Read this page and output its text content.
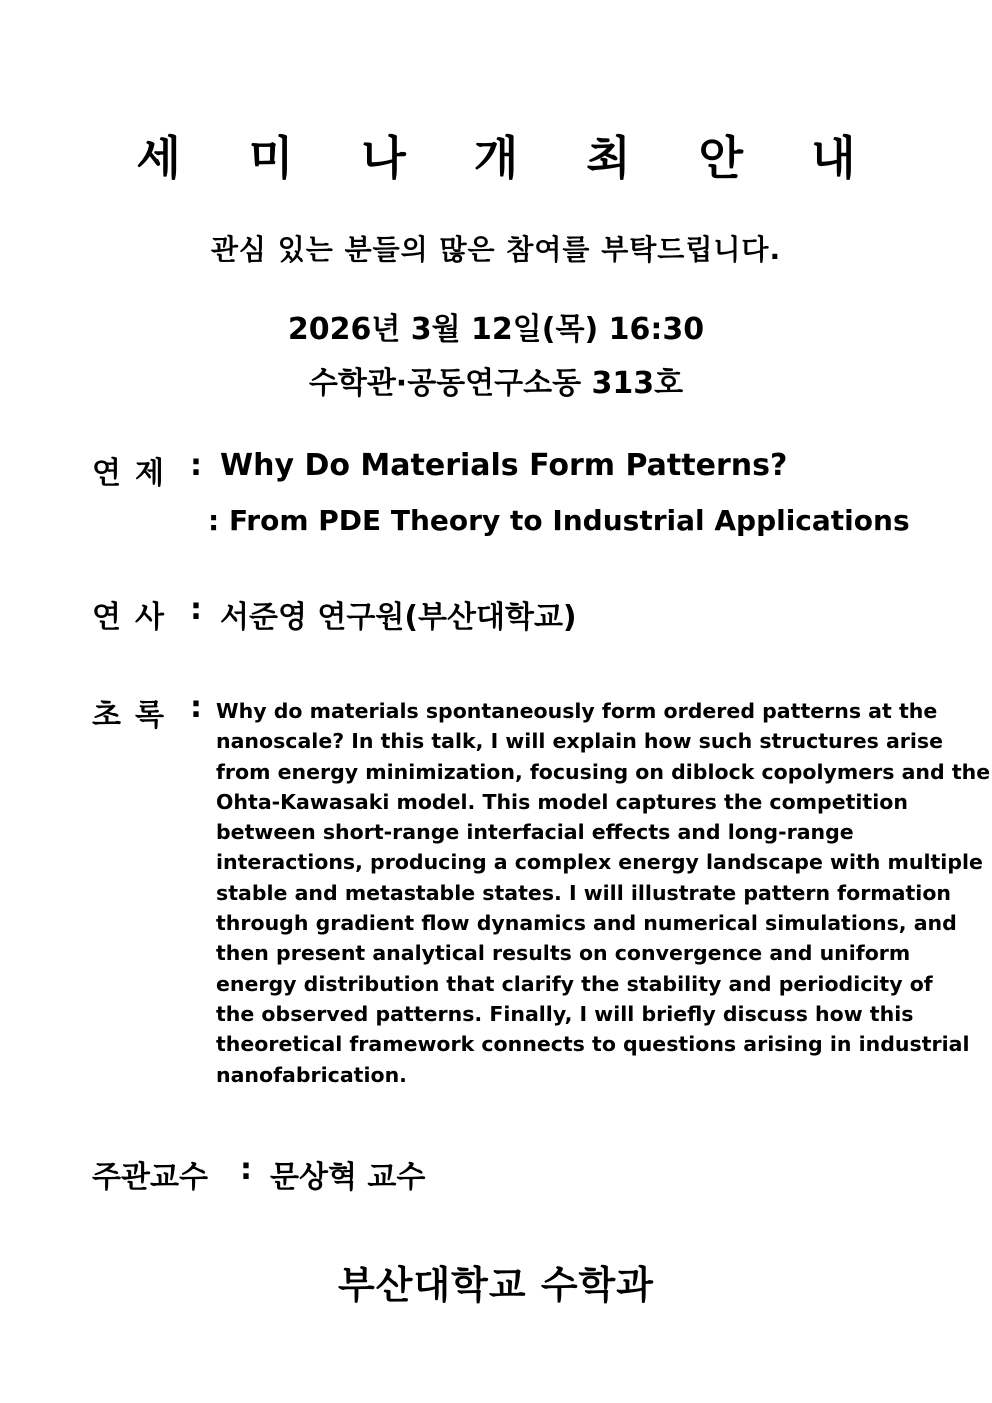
세 미 나 개 최 안 내
관심 있는 분들의 많은 참여를 부탁드립니다.
2026년 3월 12일(목) 16:30
수학관·공동연구소동 313호
연제 : Why Do Materials Form Patterns?
: From PDE Theory to Industrial Applications
연사 : 서준영 연구원(부산대학교)
초록 : Why do materials spontaneously form ordered patterns at the
nanoscale? In this talk, I will explain how such structures arise
from energy minimization, focusing on diblock copolymers and the
Ohta-Kawasaki model. This model captures the competition
between short-range interfacial effects and long-range
interactions, producing a complex energy landscape with multiple
stable and metastable states. I will illustrate pattern formation
through gradient flow dynamics and numerical simulations, and
then present analytical results on convergence and uniform
energy distribution that clarify the stability and periodicity of
the observed patterns. Finally, I will briefly discuss how this
theoretical framework connects to questions arising in industrial
nanofabrication.
주관교수 : 문상혁 교수
부산대학교 수학과
